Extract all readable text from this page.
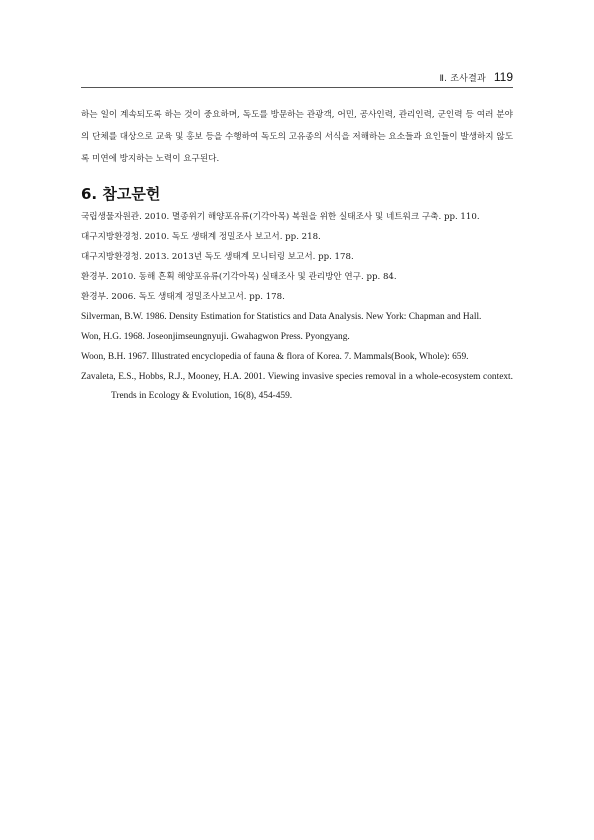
Ⅱ. 조사결과 119

하는 일이 계속되도록 하는 것이 중요하며, 독도를 방문하는 관광객, 어민, 공사인력, 관리인력, 군인력 등 여러 분야의 단체를 대상으로 교육 및 홍보 등을 수행하여 독도의 고유종의 서식을 저해하는 요소들과 요인들이 발생하지 않도록 미연에 방지하는 노력이 요구된다.

6. 참고문헌
국립생물자원관. 2010. 멸종위기 해양포유류(기각아목) 복원을 위한 실태조사 및 네트워크 구축. pp. 110.
대구지방환경청. 2010. 독도 생태계 정밀조사 보고서. pp. 218.
대구지방환경청. 2013. 2013년 독도 생태계 모니터링 보고서. pp. 178.
환경부. 2010. 동해 흔획 해양포유류(기각아목) 실태조사 및 관리방안 연구. pp. 84.
환경부. 2006. 독도 생태계 정밀조사보고서. pp. 178.
Silverman, B.W. 1986. Density Estimation for Statistics and Data Analysis. New York: Chapman and Hall.
Won, H.G. 1968. Joseonjimseungnyuji. Gwahagwon Press. Pyongyang.
Woon, B.H. 1967. Illustrated encyclopedia of fauna & flora of Korea. 7. Mammals(Book, Whole): 659.
Zavaleta, E.S., Hobbs, R.J., Mooney, H.A. 2001. Viewing invasive species removal in a whole-ecosystem context. Trends in Ecology & Evolution, 16(8), 454-459.
